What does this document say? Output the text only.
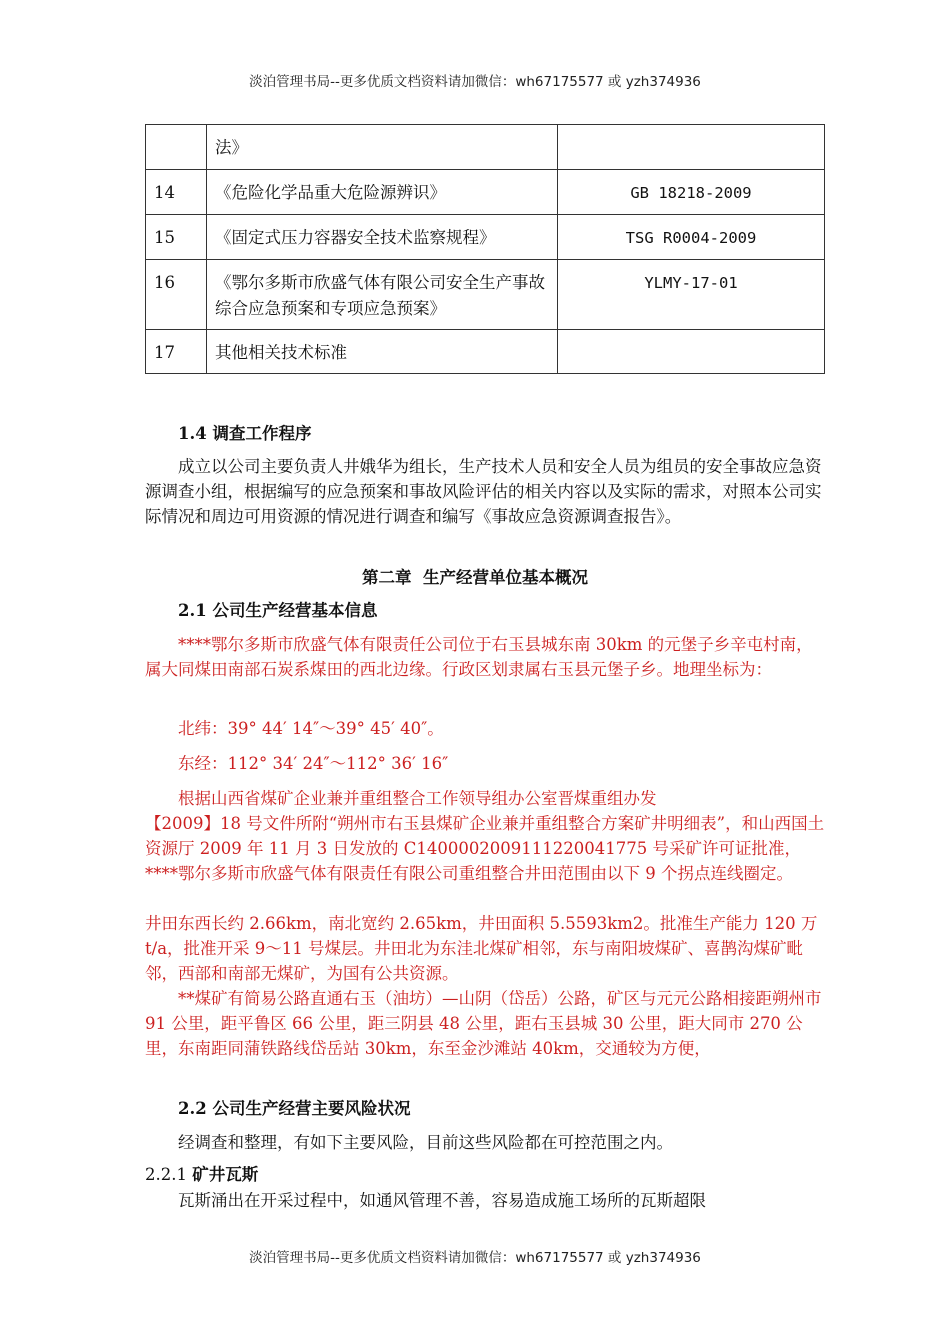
淡泊管理书局--更多优质文档资料请加微信：wh67175577 或 yzh374936
	法》	
14	《危险化学品重大危险源辨识》	GB 18218-2009
15	《固定式压力容器安全技术监察规程》	TSG R0004-2009
16	《鄂尔多斯市欣盛气体有限公司安全生产事故综合应急预案和专项应急预案》	YLMY-17-01
17	其他相关技术标准	
1.4 调查工作程序
成立以公司主要负责人井娥华为组长，生产技术人员和安全人员为组员的安全事故应急资源调查小组，根据编写的应急预案和事故风险评估的相关内容以及实际的需求，对照本公司实际情况和周边可用资源的情况进行调查和编写《事故应急资源调查报告》。
第二章  生产经营单位基本概况
2.1 公司生产经营基本信息
****鄂尔多斯市欣盛气体有限责任公司位于右玉县城东南 30km 的元堡子乡辛屯村南，属大同煤田南部石炭系煤田的西北边缘。行政区划隶属右玉县元堡子乡。地理坐标为：
北纬：39° 44′ 14″～39° 45′ 40″。
东经：112° 34′ 24″～112° 36′ 16″
根据山西省煤矿企业兼并重组整合工作领导组办公室晋煤重组办发
【2009】18 号文件所附“朔州市右玉县煤矿企业兼并重组整合方案矿井明细表”，和山西国土资源厅 2009 年 11 月 3 日发放的 C1400002009111220041775 号采矿许可证批准，****鄂尔多斯市欣盛气体有限责任有限公司重组整合井田范围由以下 9 个拐点连线圈定。
井田东西长约 2.66km，南北宽约 2.65km，井田面积 5.5593km2。批准生产能力 120 万 t/a，批准开采 9～11 号煤层。井田北为东洼北煤矿相邻，东与南阳坡煤矿、喜鹊沟煤矿毗邻，西部和南部无煤矿，为国有公共资源。
**煤矿有简易公路直通右玉（油坊）—山阴（岱岳）公路，矿区与元元公路相接距朔州市 91 公里，距平鲁区 66 公里，距三阴县 48 公里，距右玉县城 30 公里，距大同市 270 公里，东南距同蒲铁路线岱岳站 30km，东至金沙滩站 40km，交通较为方便，
2.2 公司生产经营主要风险状况
经调查和整理，有如下主要风险，目前这些风险都在可控范围之内。
2.2.1 矿井瓦斯
瓦斯涌出在开采过程中，如通风管理不善，容易造成施工场所的瓦斯超限
淡泊管理书局--更多优质文档资料请加微信：wh67175577 或 yzh374936
